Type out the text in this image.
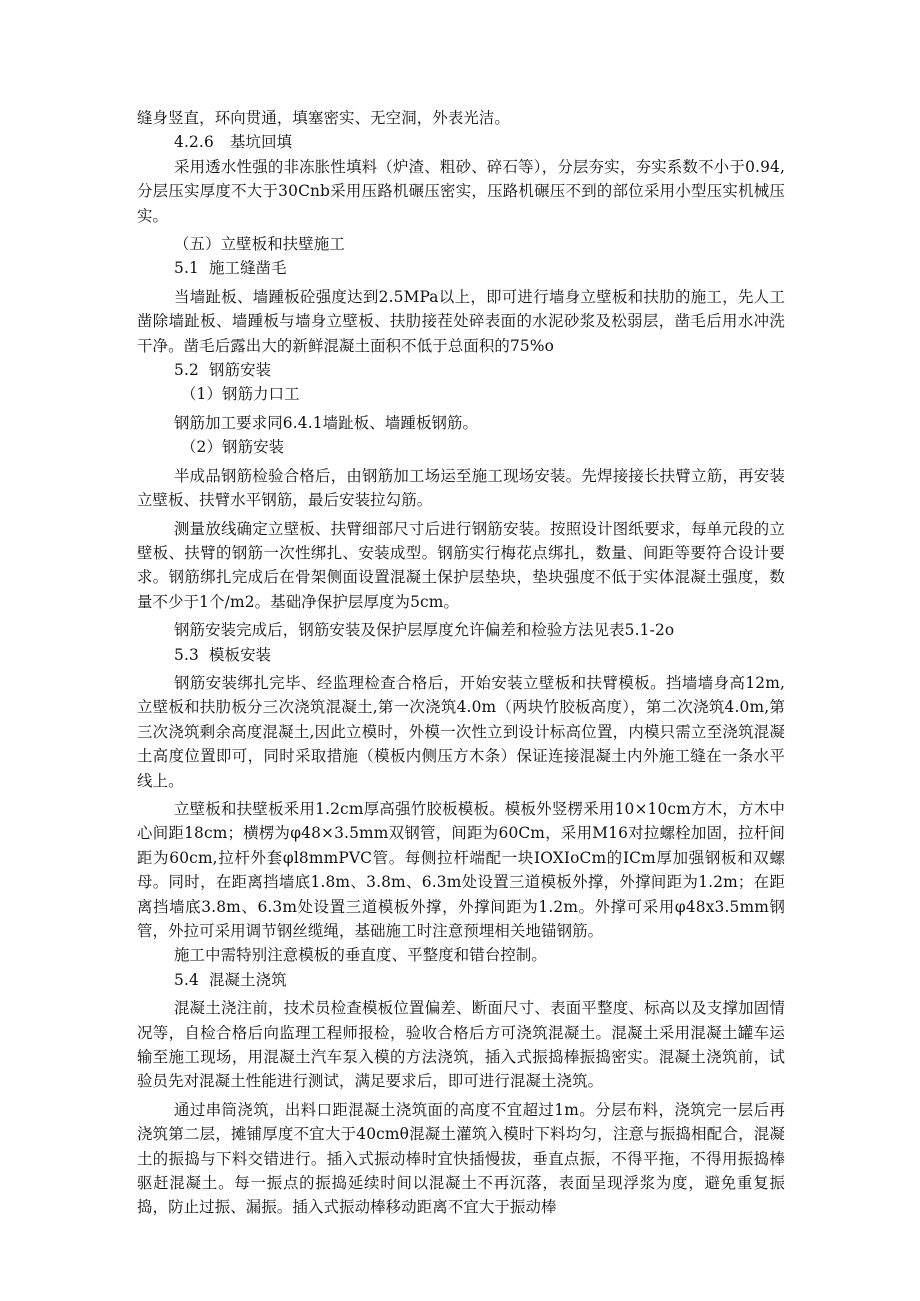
缝身竖直，环向贯通，填塞密实、无空洞，外表光洁。

4.2.6 基坑回填

采用透水性强的非冻胀性填料（炉渣、粗砂、碎石等），分层夯实，夯实系数不小于0.94,分层压实厚度不大于30Cnb采用压路机碾压密实，压路机碾压不到的部位采用小型压实机械压实。

（五）立壁板和扶壁施工

5.1 施工缝凿毛

当墙趾板、墙踵板砼强度达到2.5MPa以上，即可进行墙身立壁板和扶肋的施工，先人工凿除墙趾板、墙踵板与墙身立壁板、扶肋接茬处碎表面的水泥砂浆及松弱层，凿毛后用水冲洗干净。凿毛后露出大的新鲜混凝土面积不低于总面积的75%o

5.2 钢筋安装

（1）钢筋力口工

钢筋加工要求同6.4.1墙趾板、墙踵板钢筋。

（2）钢筋安装

半成品钢筋检验合格后，由钢筋加工场运至施工现场安装。先焊接接长扶臂立筋，再安装立壁板、扶臂水平钢筋，最后安装拉勾筋。

测量放线确定立壁板、扶臂细部尺寸后进行钢筋安装。按照设计图纸要求，每单元段的立壁板、扶臂的钢筋一次性绑扎、安装成型。钢筋实行梅花点绑扎，数量、间距等要符合设计要求。钢筋绑扎完成后在骨架侧面设置混凝土保护层垫块，垫块强度不低于实体混凝土强度，数量不少于1个/m2。基础净保护层厚度为5cm。

钢筋安装完成后，钢筋安装及保护层厚度允许偏差和检验方法见表5.1-2o

5.3 模板安装

钢筋安装绑扎完毕、经监理检查合格后，开始安装立壁板和扶臂模板。挡墙墙身高12m,立壁板和扶肋板分三次浇筑混凝土,第一次浇筑4.0m（两块竹胶板高度），第二次浇筑4.0m,第三次浇筑剩余高度混凝土,因此立模时，外模一次性立到设计标高位置，内模只需立至浇筑混凝土高度位置即可，同时采取措施（模板内侧压方木条）保证连接混凝土内外施工缝在一条水平线上。

立壁板和扶壁板釆用1.2cm厚高强竹胶板模板。模板外竖楞釆用10×10cm方木，方木中心间距18cm；横楞为φ48×3.5mm双钢管，间距为60Cm，采用M16对拉螺栓加固，拉杆间距为60cm,拉杆外套φl8mmPVC管。每侧拉杆端配一块IOXIoCm的ICm厚加强钢板和双螺母。同时，在距离挡墙底1.8m、3.8m、6.3m处设置三道模板外撑，外撑间距为1.2m；在距离挡墙底3.8m、6.3m处设置三道模板外撑，外撑间距为1.2m。外撑可采用φ48x3.5mm钢管，外拉可采用调节钢丝缆绳，基础施工时注意预埋相关地锚钢筋。

施工中需特别注意模板的垂直度、平整度和错台控制。

5.4 混凝土浇筑

混凝土浇注前，技术员检查模板位置偏差、断面尺寸、表面平整度、标高以及支撑加固情况等，自检合格后向监理工程师报检，验收合格后方可浇筑混凝土。混凝土采用混凝土罐车运输至施工现场，用混凝土汽车泵入模的方法浇筑，插入式振捣棒振捣密实。混凝土浇筑前，试验员先对混凝土性能进行测试，满足要求后，即可进行混凝土浇筑。

通过串筒浇筑，出料口距混凝土浇筑面的高度不宜超过1m。分层布料，浇筑完一层后再浇筑第二层，摊铺厚度不宜大于40cmθ混凝土灌筑入模时下料均匀，注意与振捣相配合，混凝土的振捣与下料交错进行。插入式振动棒时宜快插慢拔，垂直点振，不得平拖，不得用振捣棒驱赶混凝土。每一振点的振捣延续时间以混凝土不再沉落，表面呈现浮浆为度，避免重复振捣，防止过振、漏振。插入式振动棒移动距离不宜大于振动棒
